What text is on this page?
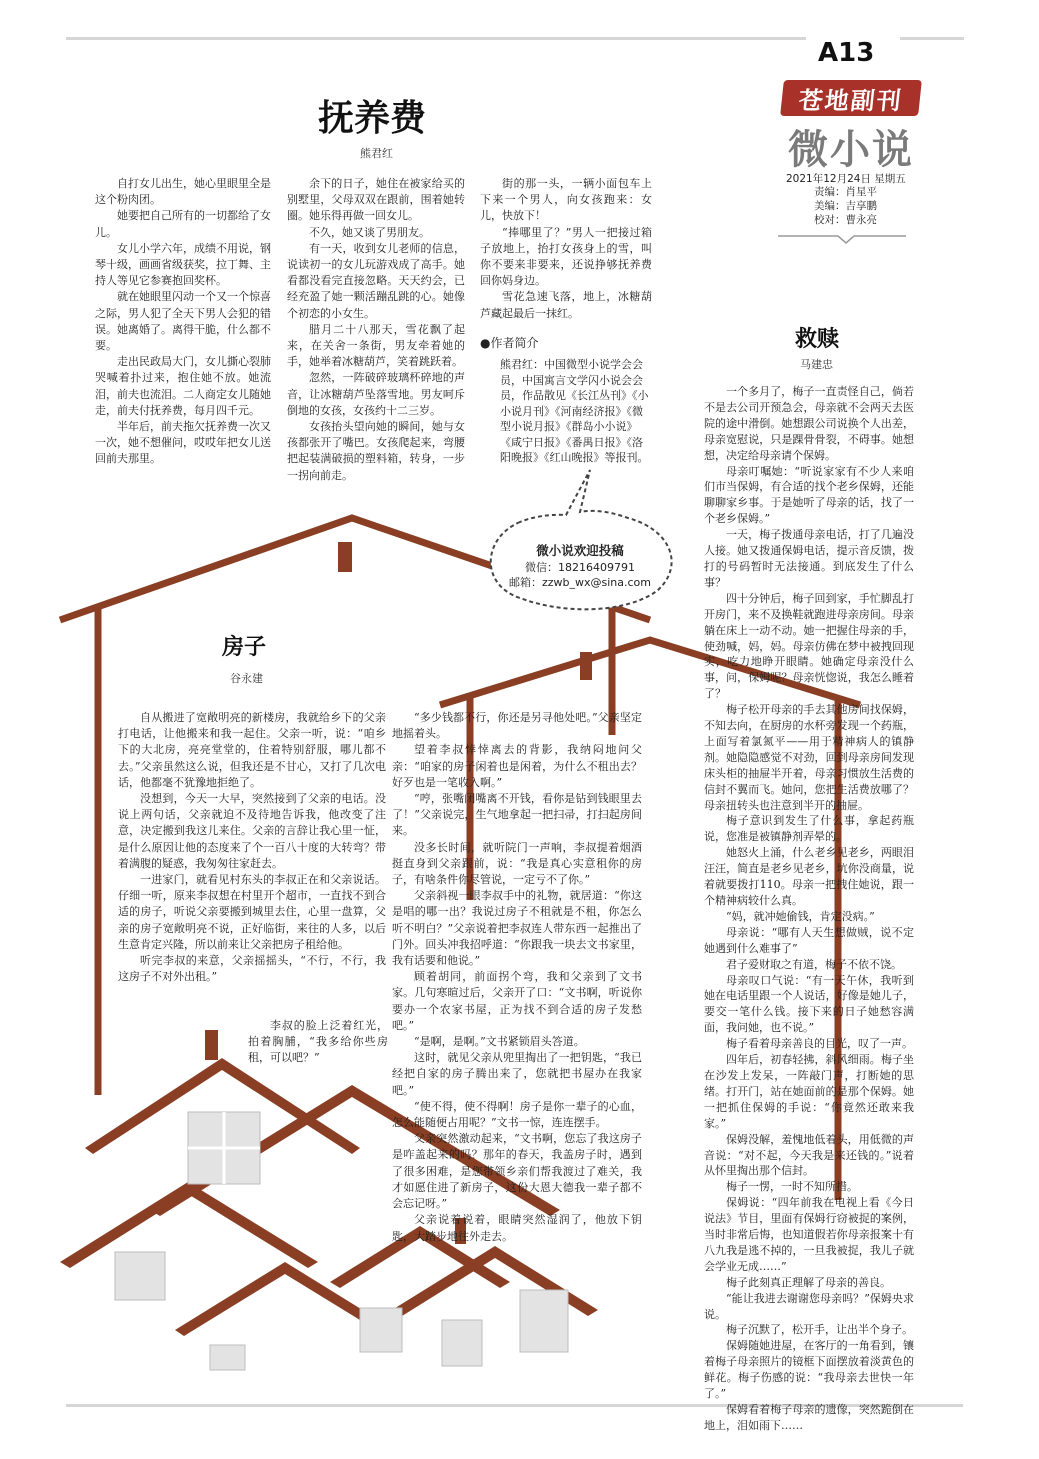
A13
苍地副刊
微小说
2021年12月24日 星期五
责编：肖星平
美编：吉享鹏
校对：曹永亮
抚养费
熊君红

自打女儿出生，她心里眼里全是这个粉肉团。

她要把自己所有的一切都给了女儿。

女儿小学六年，成绩不用说，钢琴十级，画画省级获奖，拉丁舞、主持人等见它参赛抱回奖杯。

就在她眼里闪动一个又一个惊喜之际，男人犯了全天下男人会犯的错误。她离婚了。离得干脆，什么都不要。

走出民政局大门，女儿撕心裂肺哭喊着扑过来，抱住她不放。她流泪，前夫也流泪。二人商定女儿随她走，前夫付抚养费，每月四千元。

半年后，前夫拖欠抚养费一次又一次，她不想催问，哎哎年把女儿送回前夫那里。

余下的日子，她住在被家给买的别墅里，父母双双在跟前，围着她转圈。她乐得再做一回女儿。

不久，她又谈了男朋友。

有一天，收到女儿老师的信息，说读初一的女儿玩游戏成了高手。她看都没看完直接忽略。天天约会，已经充盈了她一颗活蹦乱跳的心。她像个初恋的小女生。

腊月二十八那天，雪花飘了起来，在关舍一条街，男友牵着她的手，她举着冰糖葫芦，笑着跳跃着。

忽然，一阵破碎玻璃杯碎地的声音，让冰糖葫芦坠落雪地。男友呵斥倒地的女孩，女孩约十二三岁。

女孩抬头望向她的瞬间，她与女孩都张开了嘴巴。女孩爬起来，弯腰把起装满破损的塑料箱，转身，一步一拐向前走。

街的那一头，一辆小面包车上下来一个男人，向女孩跑来：女儿，快放下！

“捧哪里了？”男人一把接过箱子放地上，抬打女孩身上的雪，叫你不要来非要来，还说挣够抚养费回你妈身边。

雪花急速飞落，地上，冰糖葫芦藏起最后一抹红。

●作者简介
熊君红：中国微型小说学会会员，中国寓言文学闪小说会会员，作品散见《长江丛刊》《小小说月刊》《河南经济报》《微型小说月报》《群岛小小说》《咸宁日报》《番禺日报》《洛阳晚报》《红山晚报》等报刊。
微小说欢迎投稿
微信：18216409791
邮箱：zzwb_wx@sina.com
救赎
马建忠

一个多月了，梅子一直责怪自己，倘若不是去公司开预急会，母亲就不会两天去医院的途中滑倒。她想跟公司说换个人出差，母亲宽慰说，只是踝骨骨裂，不碍事。她想想，决定给母亲请个保姆。

母亲叮嘱她：“听说家家有不少人来咱们市当保姆，有合适的找个老乡保姆，还能聊聊家乡事。于是她听了母亲的话，找了一个老乡保姆。”

一天，梅子拨通母亲电话，打了几遍没人接。她又拨通保姆电话，提示音反馈，拨打的号码暂时无法接通。到底发生了什么事？

四十分钟后，梅子回到家，手忙脚乱打开房门，来不及换鞋就跑进母亲房间。母亲躺在床上一动不动。她一把握住母亲的手，使劲喊，妈，妈。母亲仿佛在梦中被拽回现实，吃力地睁开眼睛。她确定母亲没什么事，问，保姆呢？母亲恍惚说，我怎么睡着了？

梅子松开母亲的手去其他房间找保姆，不知去向，在厨房的水杯旁发现一个药瓶，上面写着氯氮平——用于精神病人的镇静剂。她隐隐感觉不对劲，回到母亲房间发现床头柜的抽屉半开着，母亲习惯放生活费的信封不翼而飞。她问，您把生活费放哪了？母亲扭转头也注意到半开的抽屉。

梅子意识到发生了什么事，拿起药瓶说，您准是被镇静剂弄晕的。

她怒火上涌，什么老乡见老乡，两眼泪汪汪，简直是老乡见老乡，坑你没商量，说着就要拨打110。母亲一把拽住她说，跟一个精神病较什么真。

“妈，就冲她偷钱，肯定没病。”

母亲说：“哪有人天生想做贼，说不定她遇到什么难事了”

君子爱财取之有道，梅子不依不饶。

母亲叹口气说：“有一天午休，我听到她在电话里跟一个人说话，好像是她儿子，要交一笔什么钱。接下来的日子她愁容满面，我问她，也不说。”

梅子看着母亲善良的目光，叹了一声。

四年后，初春轻拂，斜风细雨。梅子坐在沙发上发呆，一阵敲门声，打断她的思绪。打开门，站在她面前的是那个保姆。她一把抓住保姆的手说：“你竟然还敢来我家。”

保姆没解，羞愧地低着头，用低微的声音说：“对不起，今天我是来还钱的。”说着从怀里掏出那个信封。

梅子一愣，一时不知所措。

保姆说：“四年前我在电视上看《今日说法》节目，里面有保姆行窃被捉的案例，当时非常后悔，也知道假若你母亲报案十有八九我是逃不掉的，一旦我被捉，我儿子就会学业无成……”

梅子此刻真正理解了母亲的善良。

“能让我进去谢谢您母亲吗？”保姆央求说。

梅子沉默了，松开手，让出半个身子。

保姆随她进屋，在客厅的一角看到，镶着梅子母亲照片的镜框下面摆放着淡黄色的鲜花。梅子伤感的说：“我母亲去世快一年了。”

保姆看着梅子母亲的遗像，突然跪倒在地上，泪如雨下……

房子
谷永建

自从搬进了宽敞明亮的新楼房，我就给乡下的父亲打电话，让他搬来和我一起住。父亲一听，说：“咱乡下的大北房，亮亮堂堂的，住着特别舒服，哪儿都不去。”父亲虽然这么说，但我还是不甘心，又打了几次电话，他都毫不犹豫地拒绝了。

没想到，今天一大早，突然接到了父亲的电话。没说上两句话，父亲就迫不及待地告诉我，他改变了注意，决定搬到我这儿来住。父亲的言辞让我心里一怔，是什么原因让他的态度来了个一百八十度的大转弯？带着满腹的疑惑，我匆匆往家赶去。

一进家门，就看见村东头的李叔正在和父亲说话。仔细一听，原来李叔想在村里开个超市，一直找不到合适的房子，听说父亲要搬到城里去住，心里一盘算，父亲的房子宽敞明亮不说，正好临街，来往的人多，以后生意肯定兴隆，所以前来让父亲把房子租给他。

听完李叔的来意，父亲摇摇头，“不行，不行，我这房子不对外出租。”

李叔的脸上泛着红光，拍着胸脯，“我多给你些房租，可以吧？”

“多少钱都不行，你还是另寻他处吧。”父亲坚定地摇着头。

望着李叔悻悻离去的背影，我纳闷地问父亲：“咱家的房子闲着也是闲着，为什么不租出去？好歹也是一笔收入啊。”

“哼，张嘴闭嘴离不开钱，看你是钻到钱眼里去了！”父亲说完，生气地拿起一把扫帚，打扫起房间来。

没多长时间，就听院门一声响，李叔提着烟酒挺直身到父亲跟前，说：“我是真心实意租你的房子，有啥条件你尽管说，一定亏不了你。”

父亲斜视一眼李叔手中的礼物，就居道：“你这是唱的哪一出？我说过房子不租就是不租，你怎么听不明白？”父亲说着把李叔连人带东西一起推出了门外。回头冲我招呼道：“你跟我一块去文书家里，我有话要和他说。”

顾着胡同，前面拐个弯，我和父亲到了文书家。几句寒暄过后，父亲开了口：“文书啊，听说你要办一个农家书屋，正为找不到合适的房子发愁吧。”

“是啊，是啊。”文书紧锁眉头答道。

这时，就见父亲从兜里掏出了一把钥匙，“我已经把自家的房子腾出来了，您就把书屋办在我家吧。”

“使不得，使不得啊！房子是你一辈子的心血，怎么能随便占用呢？”文书一惊，连连摆手。

父亲突然激动起来，“文书啊，您忘了我这房子是咋盖起来的吗？那年的春天，我盖房子时，遇到了很多困难，是您带领乡亲们帮我渡过了难关，我才如愿住进了新房子，这份大恩大德我一辈子都不会忘记呀。”

父亲说着说着，眼睛突然湿润了，他放下钥匙，大踏步地往外走去。
